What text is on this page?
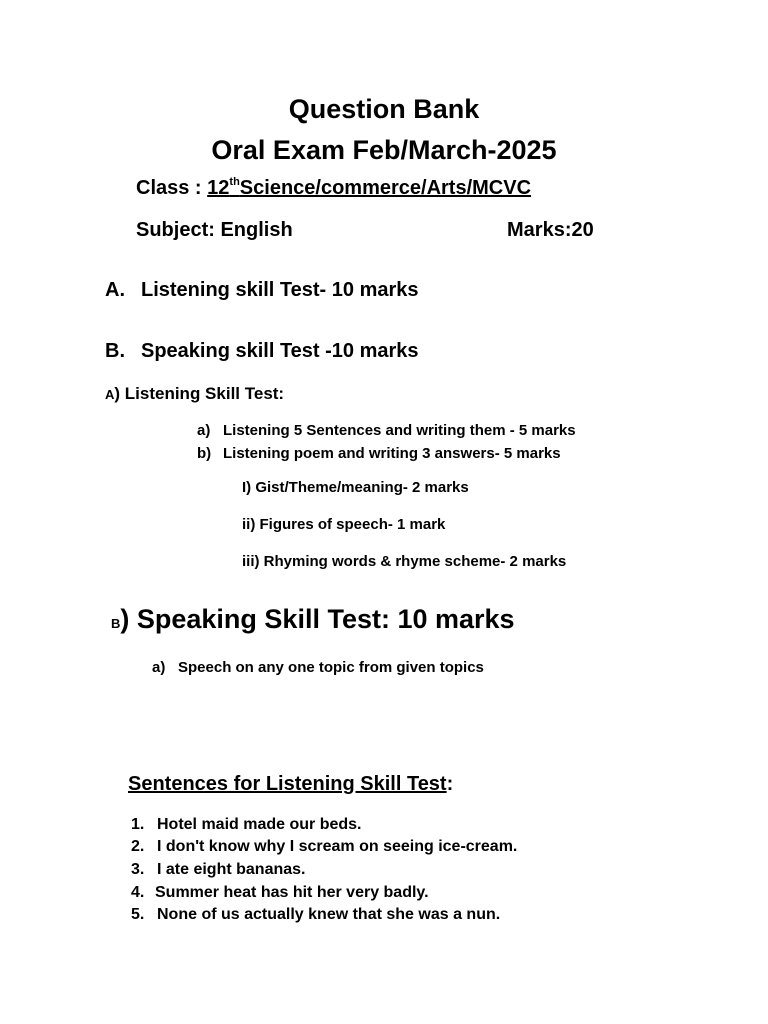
Question Bank
Oral Exam Feb/March-2025
Class : 12thScience/commerce/Arts/MCVC
Subject: English	Marks:20
A. Listening skill Test- 10 marks
B. Speaking skill Test -10 marks
A) Listening Skill Test:
a) Listening 5 Sentences and writing them - 5 marks
b) Listening poem and writing 3 answers- 5 marks
I) Gist/Theme/meaning- 2 marks
ii) Figures of speech- 1 mark
iii) Rhyming words & rhyme scheme- 2 marks
B) Speaking Skill Test: 10 marks
a) Speech on any one topic from given topics
Sentences for Listening Skill Test:
1. Hotel maid made our beds.
2. I don't know why I scream on seeing ice-cream.
3. I ate eight bananas.
4. Summer heat has hit her very badly.
5. None of us actually knew that she was a nun.
